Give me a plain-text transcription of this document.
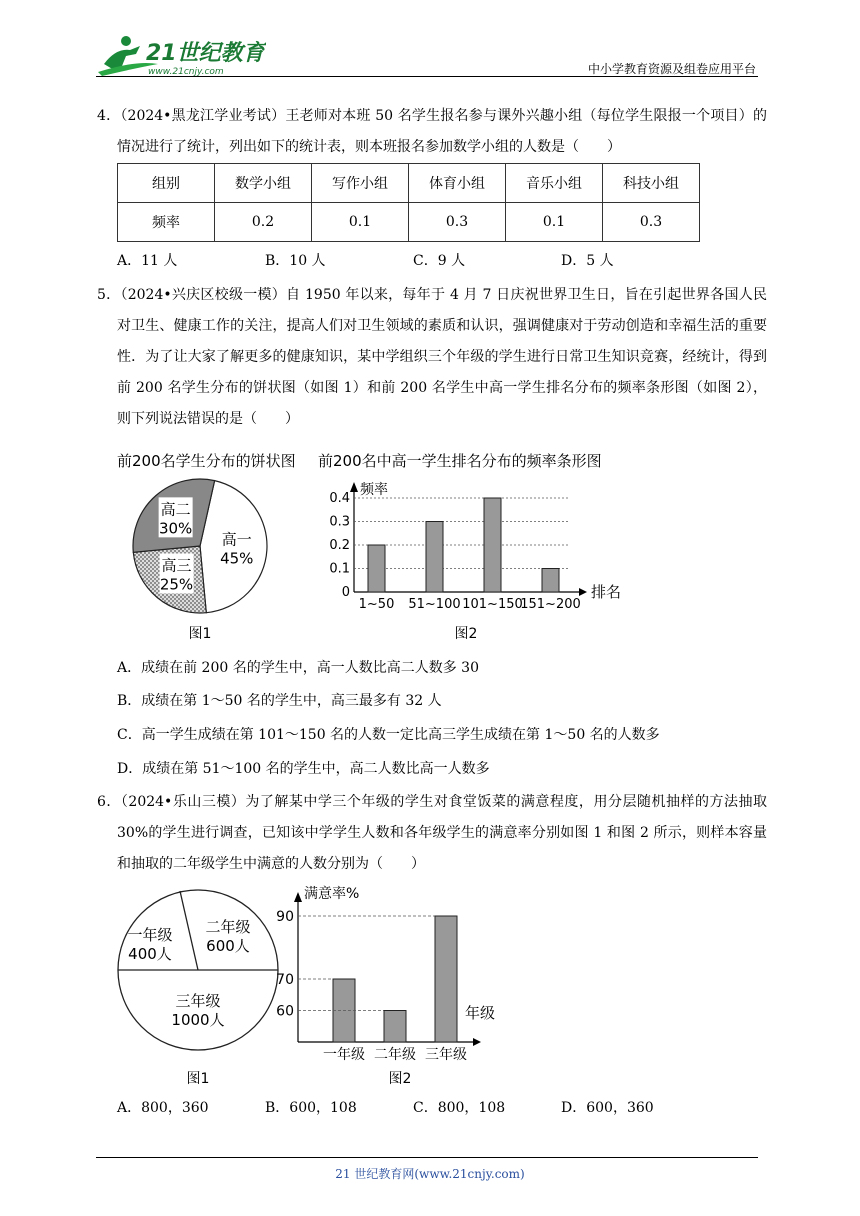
21世纪教育
www.21cnjy.com	中小学教育资源及组卷应用平台
4．（2024•黑龙江学业考试）王老师对本班 50 名学生报名参与课外兴趣小组（每位学生限报一个项目）的情况进行了统计，列出如下的统计表，则本班报名参加数学小组的人数是（　　）
组别	数学小组	写作小组	体育小组	音乐小组	科技小组
频率	0.2	0.1	0.3	0.1	0.3
A．11 人	B．10 人	C．9 人	D．5 人
5．（2024•兴庆区校级一模）自 1950 年以来，每年于 4 月 7 日庆祝世界卫生日，旨在引起世界各国人民对卫生、健康工作的关注，提高人们对卫生领域的素质和认识，强调健康对于劳动创造和幸福生活的重要性．为了让大家了解更多的健康知识，某中学组织三个年级的学生进行日常卫生知识竞赛，经统计，得到前 200 名学生分布的饼状图（如图 1）和前 200 名学生中高一学生排名分布的频率条形图（如图 2），则下列说法错误的是（　　）
前200名学生分布的饼状图 前200名中高一学生排名分布的频率条形图
高一
45%
高三
25%
高二
30%
频率
排名
0
0.1
0.2
0.3
0.4
1~50 51~100 101~150
151~200
图1	图2
A．成绩在前 200 名的学生中，高一人数比高二人数多 30
B．成绩在第 1～50 名的学生中，高三最多有 32 人
C．高一学生成绩在第 101～150 名的人数一定比高三学生成绩在第 1～50 名的人数多
D．成绩在第 51～100 名的学生中，高二人数比高一人数多
6．（2024•乐山三模）为了解某中学三个年级的学生对食堂饭菜的满意程度，用分层随机抽样的方法抽取 30%的学生进行调查，已知该中学学生人数和各年级学生的满意率分别如图 1 和图 2 所示，则样本容量和抽取的二年级学生中满意的人数分别为（　　）
一年级
400人
二年级
600人
三年级
1000人
满意率%
年级
60
70
90
一年级 二年级 三年级
图1	图2
A．800，360	B．600，108	C．800，108	D．600，360
21 世纪教育网(www.21cnjy.com)
